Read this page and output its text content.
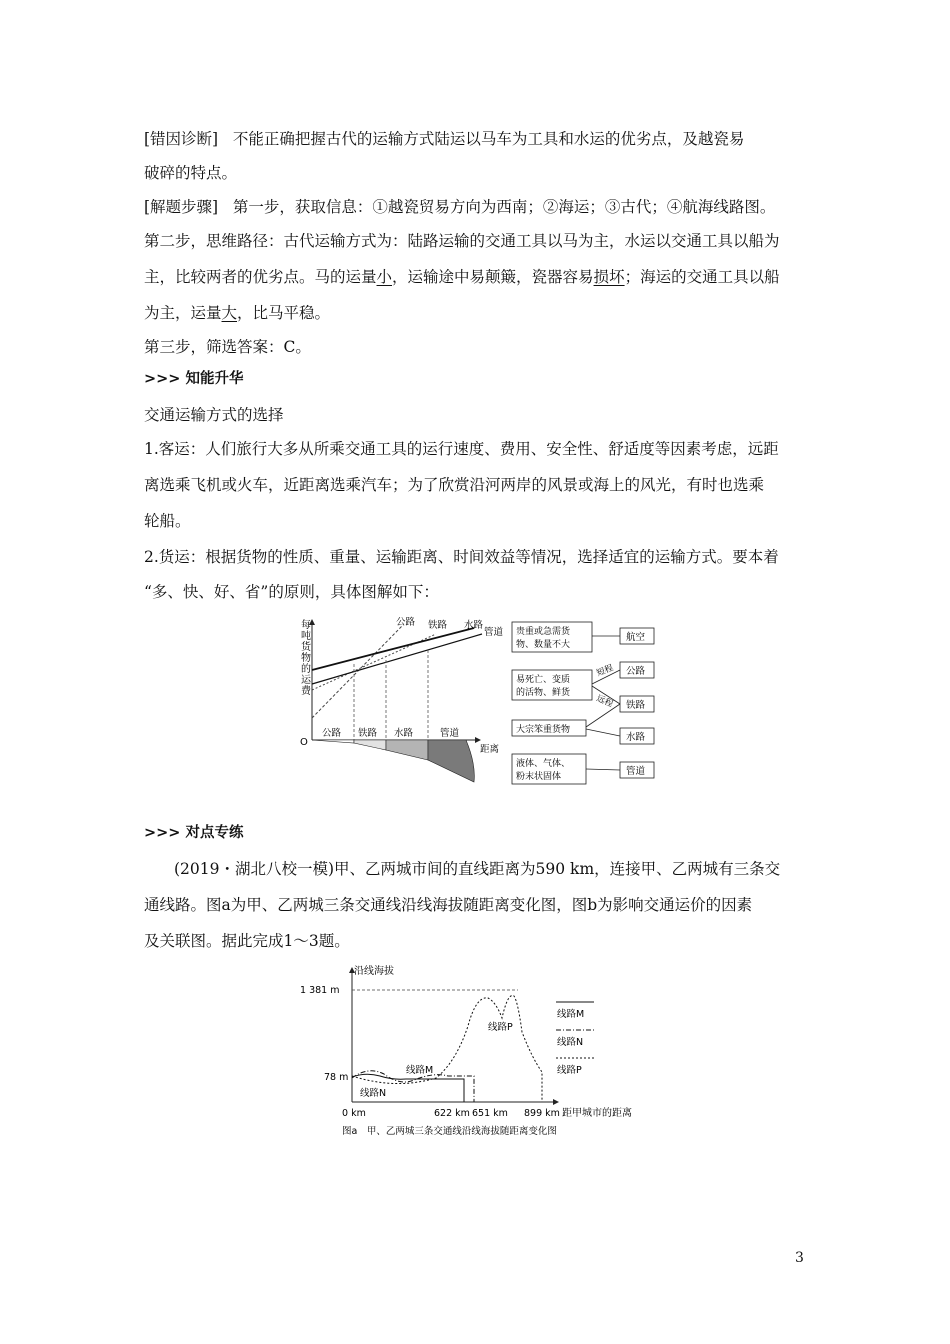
[错因诊断] 不能正确把握古代的运输方式陆运以马车为工具和水运的优劣点，及越瓷易
破碎的特点。
[解题步骤] 第一步，获取信息：①越瓷贸易方向为西南；②海运；③古代；④航海线路图。
第二步，思维路径：古代运输方式为：陆路运输的交通工具以马为主，水运以交通工具以船为
主，比较两者的优劣点。马的运量小，运输途中易颠簸，瓷器容易损坏；海运的交通工具以船
为主，运量大，比马平稳。
第三步，筛选答案：C。
>>> 知能升华
交通运输方式的选择
1.客运：人们旅行大多从所乘交通工具的运行速度、费用、安全性、舒适度等因素考虑，远距
离选乘飞机或火车，近距离选乘汽车；为了欣赏沿河两岸的风景或海上的风光，有时也选乘
轮船。
2.货运：根据货物的性质、重量、运输距离、时间效益等情况，选择适宜的运输方式。要本着
“多、快、好、省”的原则，具体图解如下：
每吨货物的运费
O
公路 铁路 水路
管道
公路 铁路 水路	管道
距离
贵重或急需货
物、数量不大
易死亡、变质
的活物、鲜货
大宗笨重货物
液体、气体、
粉末状固体
航空
公路
铁路
水路
管道
短程
远程
>>> 对点专练
(2019・湖北八校一模)甲、乙两城市间的直线距离为590 km，连接甲、乙两城有三条交
通线路。图a为甲、乙两城三条交通线沿线海拔随距离变化图，图b为影响交通运价的因素
及关联图。据此完成1～3题。
沿线海拔
1 381 m
78 m
线路M
线路N
线路P
0 km	622 km 651 km 899 km 距甲城市的距离
线路M
线路N
线路P
图a　甲、乙两城三条交通线沿线海拔随距离变化图
3
